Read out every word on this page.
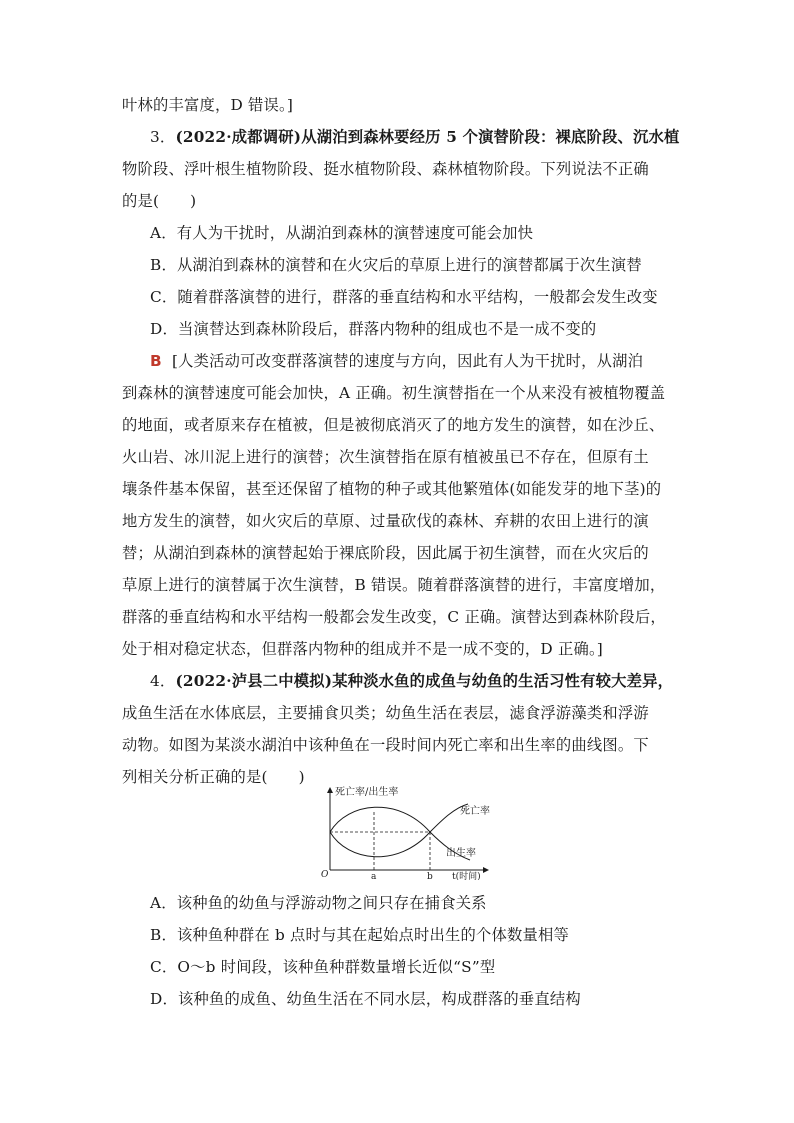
叶林的丰富度，D 错误。]
3．(2022·成都调研)从湖泊到森林要经历 5 个演替阶段：裸底阶段、沉水植
物阶段、浮叶根生植物阶段、挺水植物阶段、森林植物阶段。下列说法不正确
的是(　　)
A．有人为干扰时，从湖泊到森林的演替速度可能会加快
B．从湖泊到森林的演替和在火灾后的草原上进行的演替都属于次生演替
C．随着群落演替的进行，群落的垂直结构和水平结构，一般都会发生改变
D．当演替达到森林阶段后，群落内物种的组成也不是一成不变的
B [人类活动可改变群落演替的速度与方向，因此有人为干扰时，从湖泊
到森林的演替速度可能会加快，A 正确。初生演替指在一个从来没有被植物覆盖
的地面，或者原来存在植被，但是被彻底消灭了的地方发生的演替，如在沙丘、
火山岩、冰川泥上进行的演替；次生演替指在原有植被虽已不存在，但原有土
壤条件基本保留，甚至还保留了植物的种子或其他繁殖体(如能发芽的地下茎)的
地方发生的演替，如火灾后的草原、过量砍伐的森林、弃耕的农田上进行的演
替；从湖泊到森林的演替起始于裸底阶段，因此属于初生演替，而在火灾后的
草原上进行的演替属于次生演替，B 错误。随着群落演替的进行，丰富度增加，
群落的垂直结构和水平结构一般都会发生改变，C 正确。演替达到森林阶段后，
处于相对稳定状态，但群落内物种的组成并不是一成不变的，D 正确。]
4．(2022·泸县二中模拟)某种淡水鱼的成鱼与幼鱼的生活习性有较大差异，
成鱼生活在水体底层，主要捕食贝类；幼鱼生活在表层，滤食浮游藻类和浮游
动物。如图为某淡水湖泊中该种鱼在一段时间内死亡率和出生率的曲线图。下
列相关分析正确的是(　　)
死亡率/出生率
O	t(时间)
a	b
死亡率
出生率
A．该种鱼的幼鱼与浮游动物之间只存在捕食关系
B．该种鱼种群在 b 点时与其在起始点时出生的个体数量相等
C．O～b 时间段，该种鱼种群数量增长近似“S”型
D．该种鱼的成鱼、幼鱼生活在不同水层，构成群落的垂直结构
